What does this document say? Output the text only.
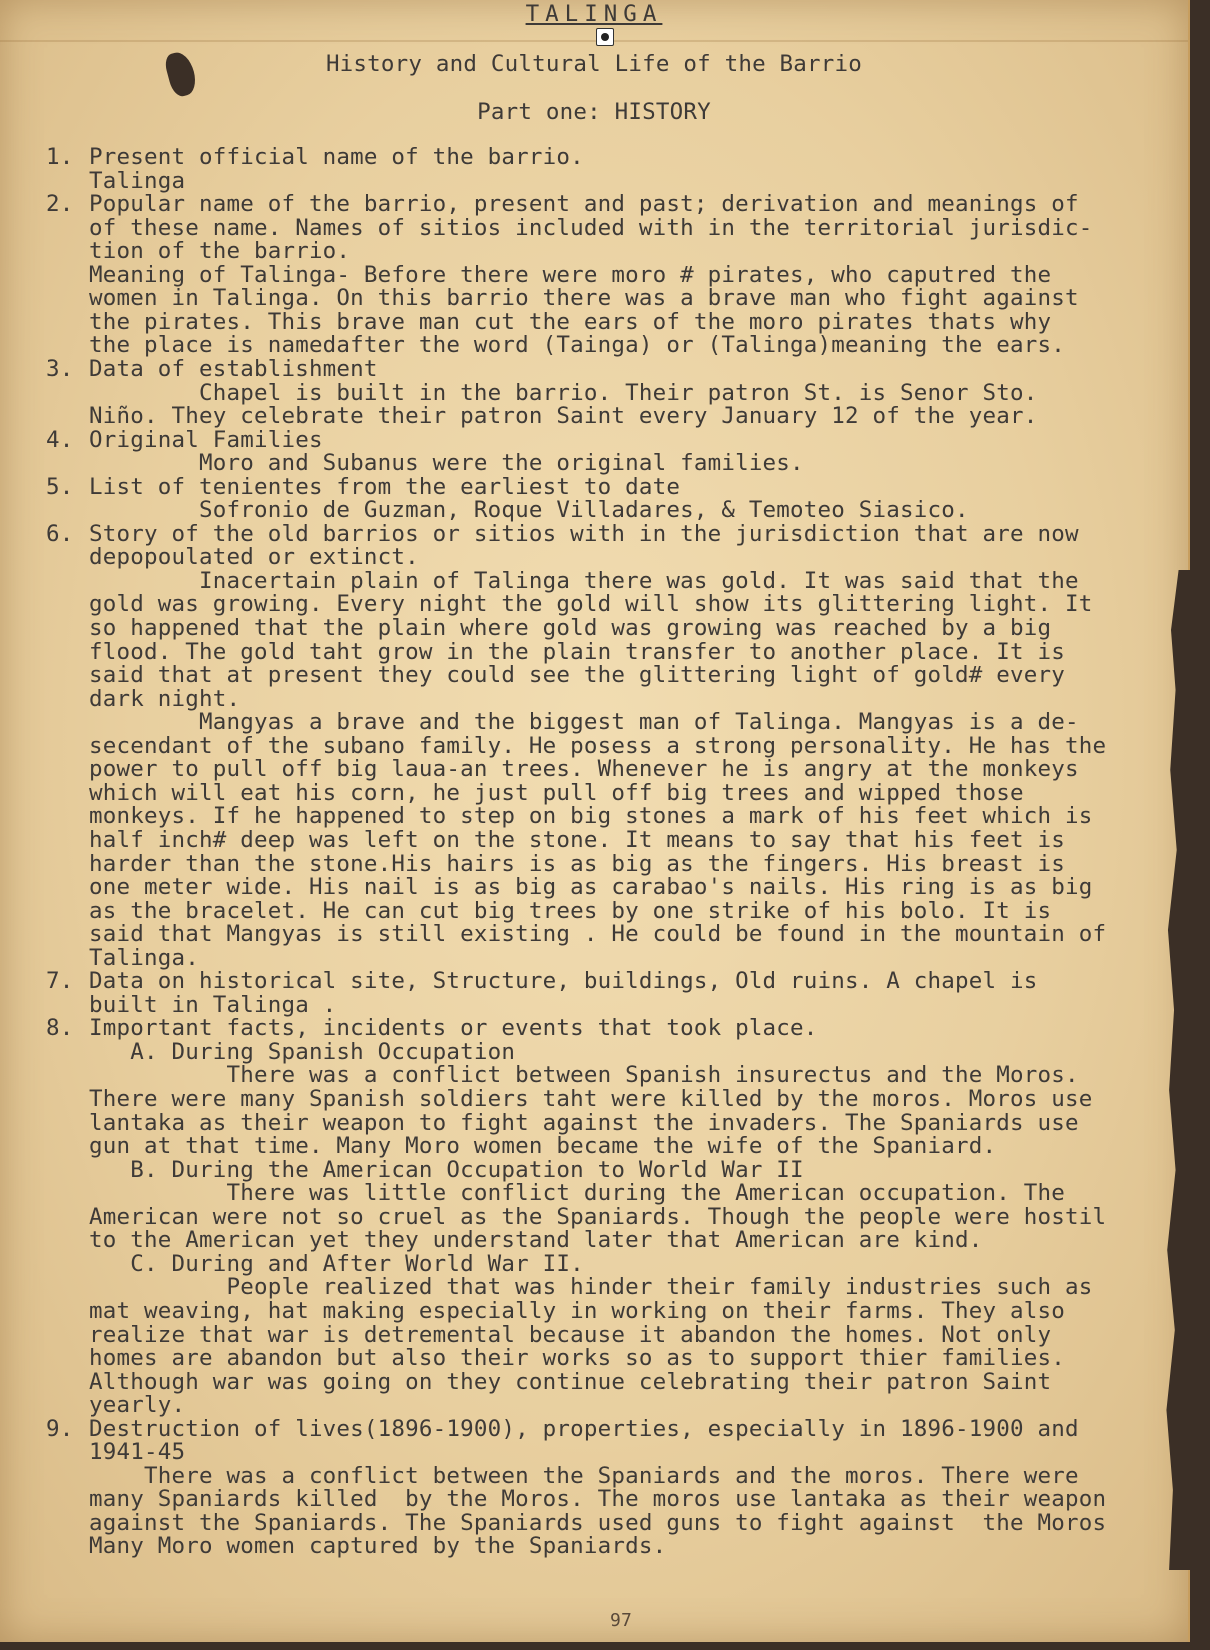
TALINGA
History and Cultural Life of the Barrio
Part one: HISTORY
1. Present official name of the barrio.
Talinga
2. Popular name of the barrio, present and past; derivation and meanings of
of these name. Names of sitios included with in the territorial jurisdic-
tion of the barrio.
Meaning of Talinga- Before there were moro # pirates, who caputred the
women in Talinga. On this barrio there was a brave man who fight against
the pirates. This brave man cut the ears of the moro pirates thats why
the place is namedafter the word (Tainga) or (Talinga)meaning the ears.
3. Data of establishment
Chapel is built in the barrio. Their patron St. is Senor Sto.
Niño. They celebrate their patron Saint every January 12 of the year.
4. Original Families
Moro and Subanus were the original families.
5. List of tenientes from the earliest to date
Sofronio de Guzman, Roque Villadares, & Temoteo Siasico.
6. Story of the old barrios or sitios with in the jurisdiction that are now
depopoulated or extinct.
Inacertain plain of Talinga there was gold. It was said that the
gold was growing. Every night the gold will show its glittering light. It
so happened that the plain where gold was growing was reached by a big
flood. The gold taht grow in the plain transfer to another place. It is
said that at present they could see the glittering light of gold# every
dark night.
Mangyas a brave and the biggest man of Talinga. Mangyas is a de-
secendant of the subano family. He posess a strong personality. He has the
power to pull off big laua-an trees. Whenever he is angry at the monkeys
which will eat his corn, he just pull off big trees and wipped those
monkeys. If he happened to step on big stones a mark of his feet which is
half inch# deep was left on the stone. It means to say that his feet is
harder than the stone.His hairs is as big as the fingers. His breast is
one meter wide. His nail is as big as carabao's nails. His ring is as big
as the bracelet. He can cut big trees by one strike of his bolo. It is
said that Mangyas is still existing . He could be found in the mountain of
Talinga.
7. Data on historical site, Structure, buildings, Old ruins. A chapel is
built in Talinga .
8. Important facts, incidents or events that took place.
A. During Spanish Occupation
There was a conflict between Spanish insurectus and the Moros.
There were many Spanish soldiers taht were killed by the moros. Moros use
lantaka as their weapon to fight against the invaders. The Spaniards use
gun at that time. Many Moro women became the wife of the Spaniard.
B. During the American Occupation to World War II
There was little conflict during the American occupation. The
American were not so cruel as the Spaniards. Though the people were hostil
to the American yet they understand later that American are kind.
C. During and After World War II.
People realized that was hinder their family industries such as
mat weaving, hat making especially in working on their farms. They also
realize that war is detremental because it abandon the homes. Not only
homes are abandon but also their works so as to support thier families.
Although war was going on they continue celebrating their patron Saint
yearly.
9. Destruction of lives(1896-1900), properties, especially in 1896-1900 and
1941-45
There was a conflict between the Spaniards and the moros. There were
many Spaniards killed  by the Moros. The moros use lantaka as their weapon
against the Spaniards. The Spaniards used guns to fight against  the Moros
Many Moro women captured by the Spaniards.
97
